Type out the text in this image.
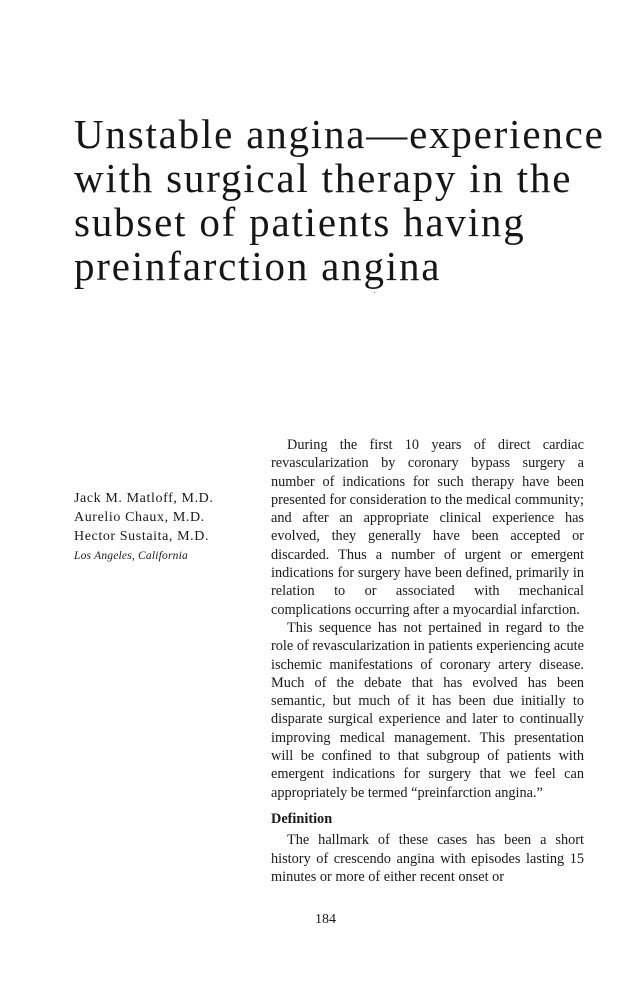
Unstable angina—experience
with surgical therapy in the
subset of patients having
preinfarction angina
Jack M. Matloff, M.D.
Aurelio Chaux, M.D.
Hector Sustaita, M.D.
Los Angeles, California

During the first 10 years of direct cardiac revascularization by coronary bypass surgery a number of indications for such therapy have been presented for consideration to the medical community; and after an appropriate clinical experience has evolved, they generally have been accepted or discarded. Thus a number of urgent or emergent indications for surgery have been defined, primarily in relation to or associated with mechanical complications occurring after a myocardial infarction.

This sequence has not pertained in regard to the role of revascularization in patients experiencing acute ischemic manifestations of coronary artery disease. Much of the debate that has evolved has been semantic, but much of it has been due initially to disparate surgical experience and later to continually improving medical management. This presentation will be confined to that subgroup of patients with emergent indications for surgery that we feel can appropriately be termed “preinfarction angina.”

Definition

The hallmark of these cases has been a short history of crescendo angina with episodes lasting 15 minutes or more of either recent onset or

184
